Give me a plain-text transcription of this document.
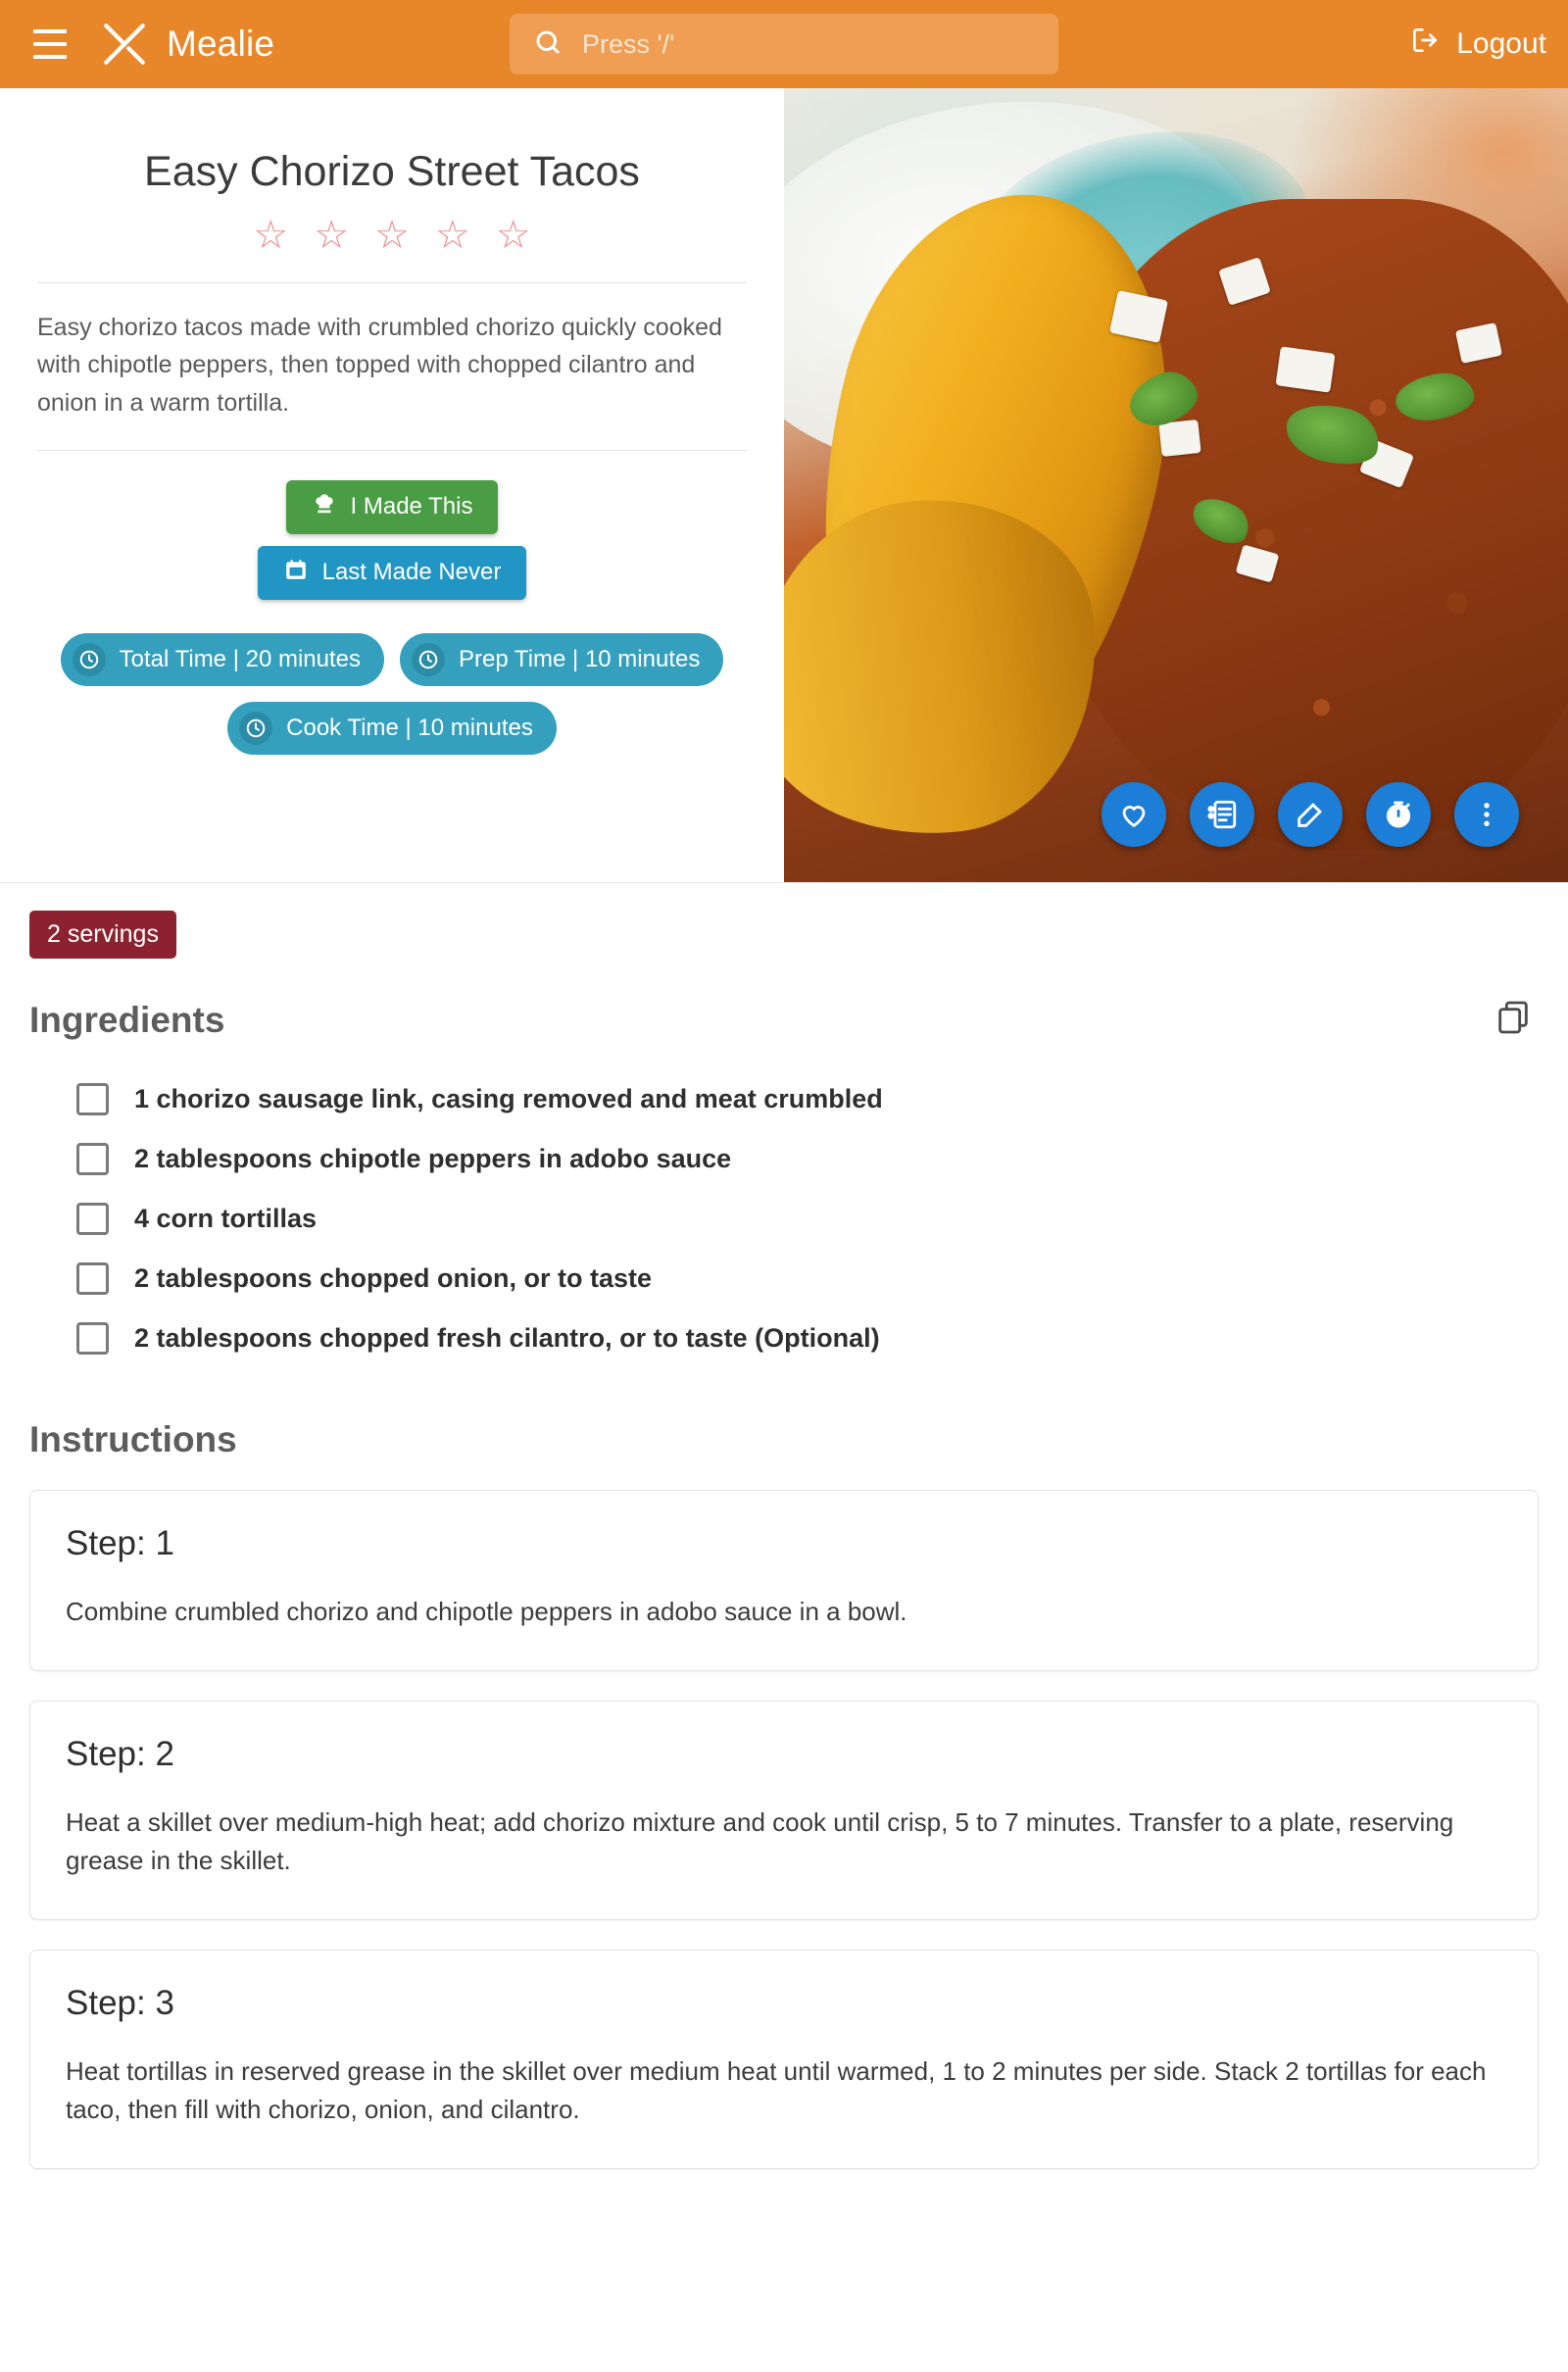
Mealie
Press '/'	Logout
Easy Chorizo Street Tacos
☆ ☆ ☆ ☆ ☆
Easy chorizo tacos made with crumbled chorizo quickly cooked with chipotle peppers, then topped with chopped cilantro and onion in a warm tortilla.
I Made This
Last Made Never
Total Time | 20 minutes	Prep Time | 10 minutes
Cook Time | 10 minutes
2 servings
Ingredients
1 chorizo sausage link, casing removed and meat crumbled
2 tablespoons chipotle peppers in adobo sauce
4 corn tortillas
2 tablespoons chopped onion, or to taste
2 tablespoons chopped fresh cilantro, or to taste (Optional)
Instructions
Step: 1
Combine crumbled chorizo and chipotle peppers in adobo sauce in a bowl.
Step: 2
Heat a skillet over medium-high heat; add chorizo mixture and cook until crisp, 5 to 7 minutes. Transfer to a plate, reserving grease in the skillet.
Step: 3
Heat tortillas in reserved grease in the skillet over medium heat until warmed, 1 to 2 minutes per side. Stack 2 tortillas for each taco, then fill with chorizo, onion, and cilantro.
